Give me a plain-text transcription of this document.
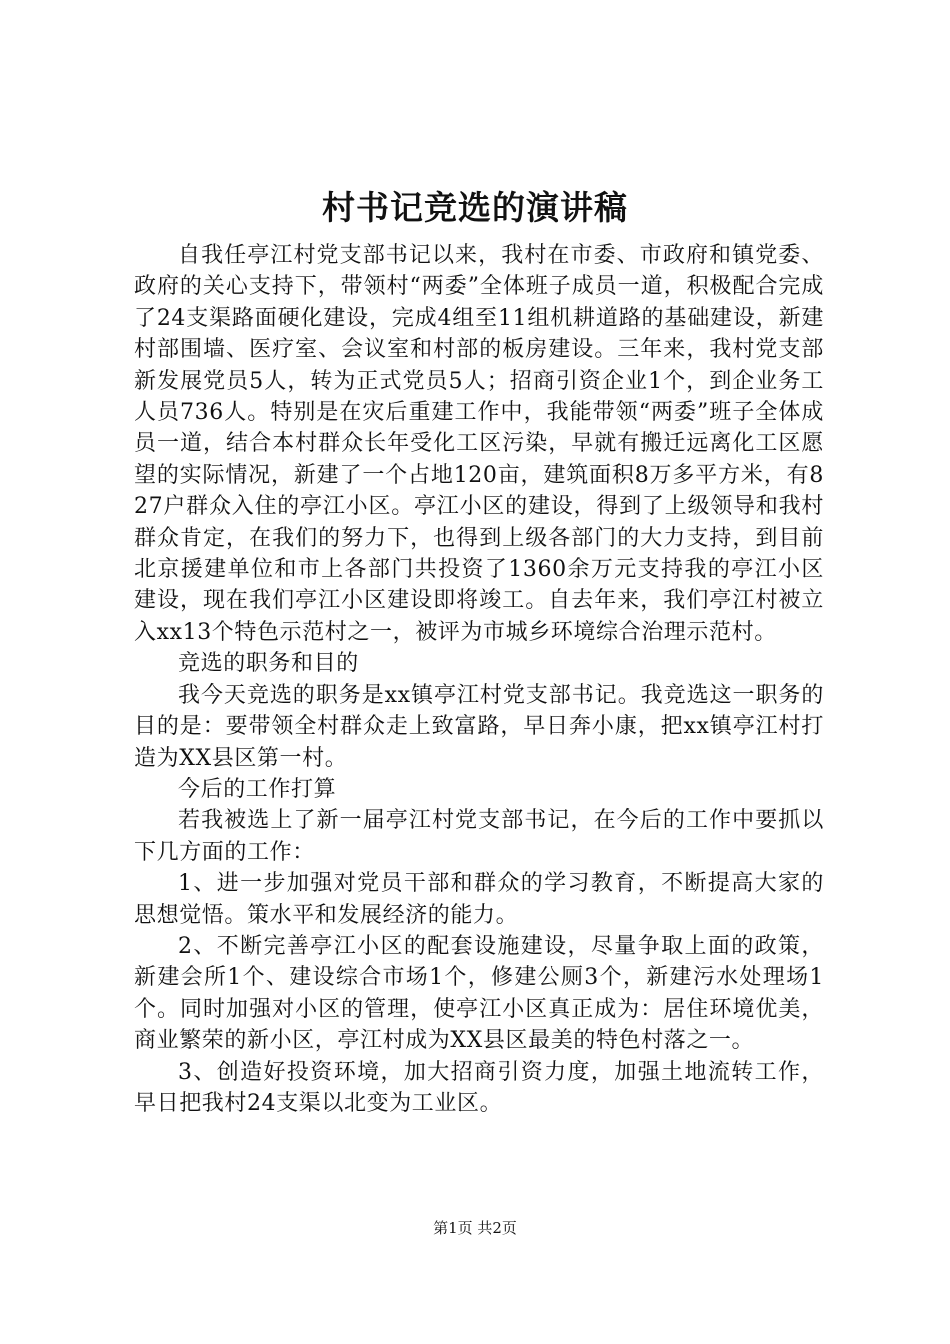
村书记竞选的演讲稿

自我任亭江村党支部书记以来，我村在市委、市政府和镇党委、政府的关心支持下，带领村“两委”全体班子成员一道，积极配合完成了24支渠路面硬化建设，完成4组至11组机耕道路的基础建设，新建村部围墙、医疗室、会议室和村部的板房建设。三年来，我村党支部新发展党员5人，转为正式党员5人；招商引资企业1个，到企业务工人员736人。特别是在灾后重建工作中，我能带领“两委”班子全体成员一道，结合本村群众长年受化工区污染，早就有搬迁远离化工区愿望的实际情况，新建了一个占地120亩，建筑面积8万多平方米，有827户群众入住的亭江小区。亭江小区的建设，得到了上级领导和我村群众肯定，在我们的努力下，也得到上级各部门的大力支持，到目前北京援建单位和市上各部门共投资了1360余万元支持我的亭江小区建设，现在我们亭江小区建设即将竣工。自去年来，我们亭江村被立入xx13个特色示范村之一，被评为市城乡环境综合治理示范村。

竞选的职务和目的

我今天竞选的职务是xx镇亭江村党支部书记。我竞选这一职务的目的是：要带领全村群众走上致富路，早日奔小康，把xx镇亭江村打造为XX县区第一村。

今后的工作打算

若我被选上了新一届亭江村党支部书记，在今后的工作中要抓以下几方面的工作：

1、进一步加强对党员干部和群众的学习教育，不断提高大家的思想觉悟。策水平和发展经济的能力。

2、不断完善亭江小区的配套设施建设，尽量争取上面的政策，新建会所1个、建设综合市场1个，修建公厕3个，新建污水处理场1个。同时加强对小区的管理，使亭江小区真正成为：居住环境优美，商业繁荣的新小区，亭江村成为XX县区最美的特色村落之一。

3、创造好投资环境，加大招商引资力度，加强土地流转工作，早日把我村24支渠以北变为工业区。

第1页 共2页
